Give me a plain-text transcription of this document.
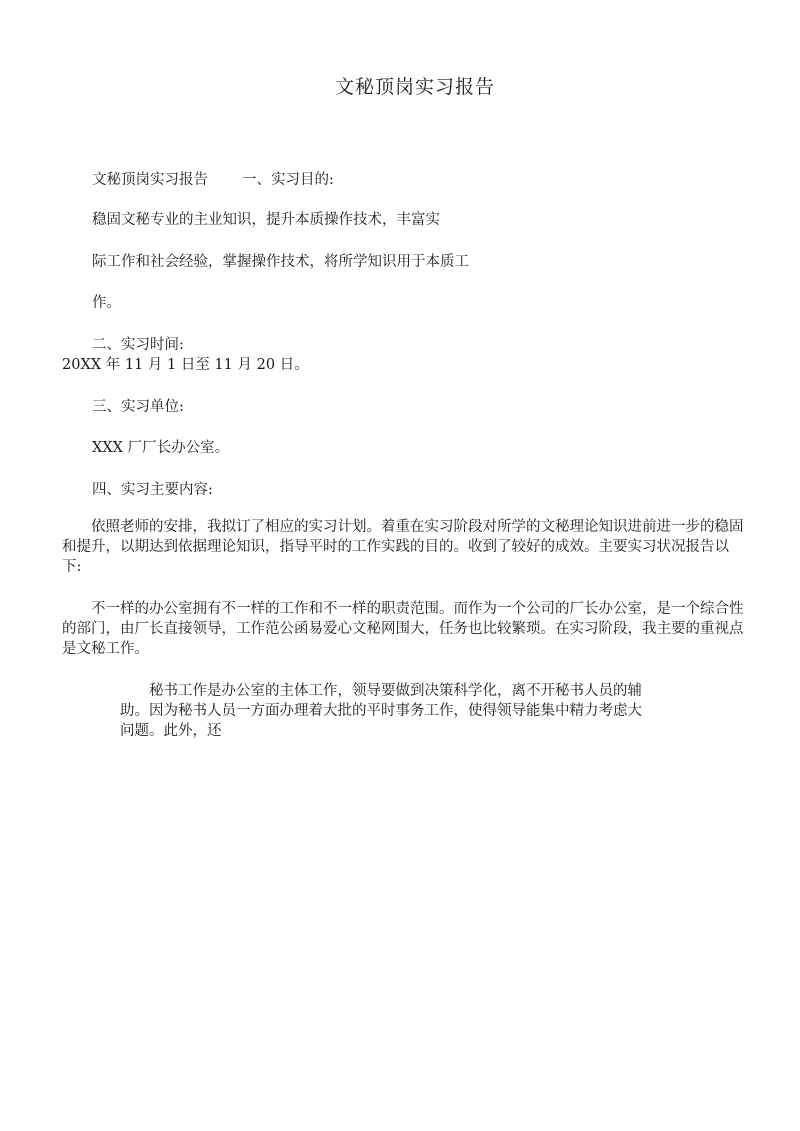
文秘顶岗实习报告
文秘顶岗实习报告 一、实习目的:
稳固文秘专业的主业知识，提升本质操作技术，丰富实
际工作和社会经验，掌握操作技术，将所学知识用于本质工
作。
二、实习时间:
20XX 年 11 月 1 日至 11 月 20 日。
三、实习单位:
XXX 厂厂长办公室。
四、实习主要内容:
依照老师的安排，我拟订了相应的实习计划。着重在实习阶段对所学的文秘理论知识进前进一步的稳固和提升，以期达到依据理论知识，指导平时的工作实践的目的。收到了较好的成效。主要实习状况报告以下:
不一样的办公室拥有不一样的工作和不一样的职责范围。而作为一个公司的厂长办公室，是一个综合性的部门，由厂长直接领导，工作范公函易爱心文秘网围大，任务也比较繁琐。在实习阶段，我主要的重视点是文秘工作。
秘书工作是办公室的主体工作，领导要做到决策科学化，离不开秘书人员的辅助。因为秘书人员一方面办理着大批的平时事务工作，使得领导能集中精力考虑大问题。此外，还
